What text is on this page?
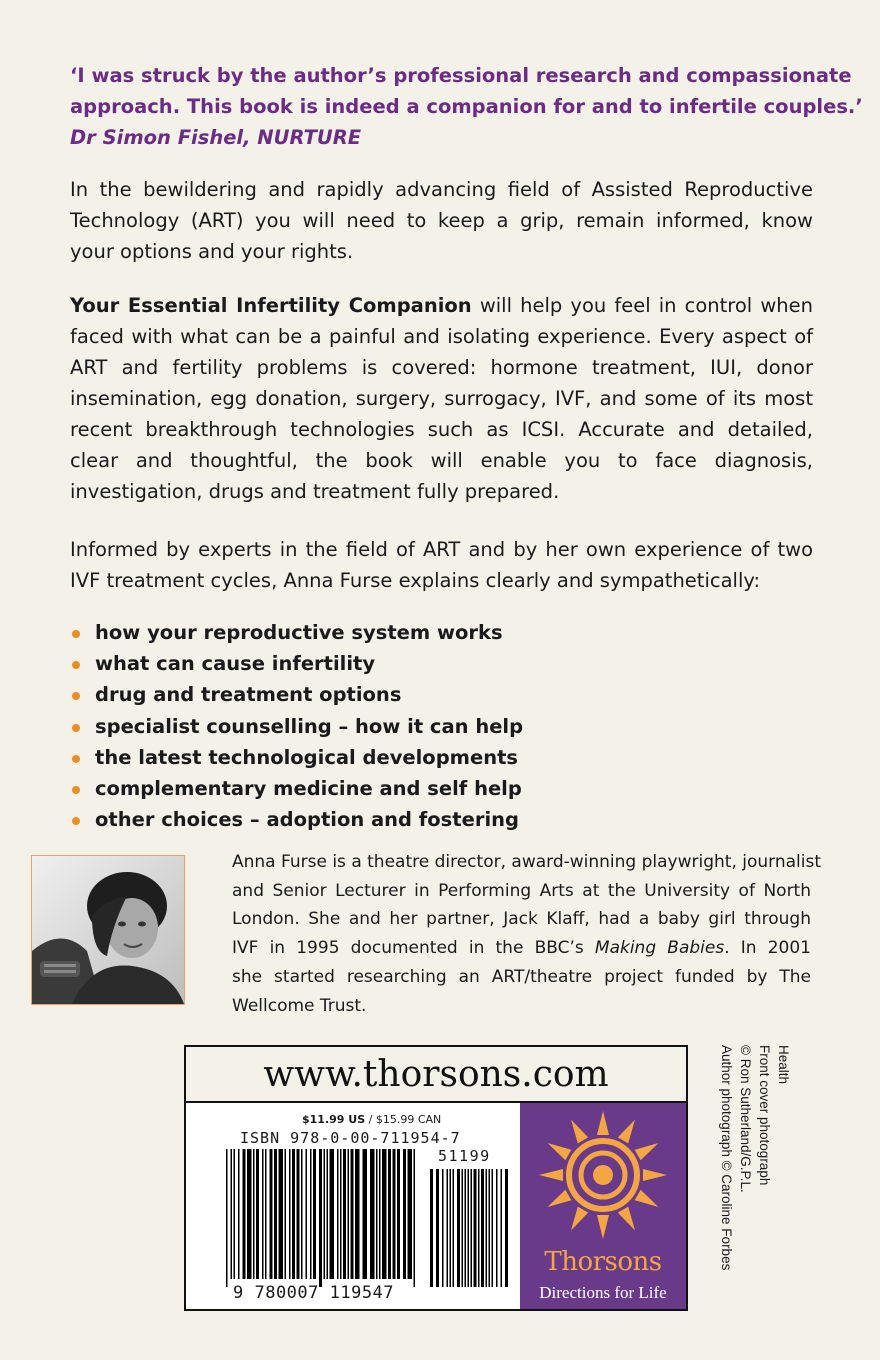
‘I was struck by the author’s professional research and compassionate
approach. This book is indeed a companion for and to infertile couples.’
Dr Simon Fishel, NURTURE
In the bewildering and rapidly advancing field of Assisted Reproductive
Technology (ART) you will need to keep a grip, remain informed, know
your options and your rights.
Your Essential Infertility Companion will help you feel in control when
faced with what can be a painful and isolating experience. Every aspect of
ART and fertility problems is covered: hormone treatment, IUI, donor
insemination, egg donation, surgery, surrogacy, IVF, and some of its most
recent breakthrough technologies such as ICSI. Accurate and detailed,
clear and thoughtful, the book will enable you to face diagnosis,
investigation, drugs and treatment fully prepared.
Informed by experts in the field of ART and by her own experience of two
IVF treatment cycles, Anna Furse explains clearly and sympathetically:
how your reproductive system works
what can cause infertility
drug and treatment options
specialist counselling – how it can help
the latest technological developments
complementary medicine and self help
other choices – adoption and fostering
Anna Furse is a theatre director, award-winning playwright, journalist
and Senior Lecturer in Performing Arts at the University of North
London. She and her partner, Jack Klaff, had a baby girl through
IVF in 1995 documented in the BBC’s Making Babies. In 2001
she started researching an ART/theatre project funded by The
Wellcome Trust.
www.thorsons.com
$11.99 US / $15.99 CAN
ISBN 978-0-00-711954-7
51199
9 780007 119547
Thorsons
Directions for Life
Health
Front cover photograph
© Ron Sutherland/G.P.L.
Author photograph © Caroline Forbes
